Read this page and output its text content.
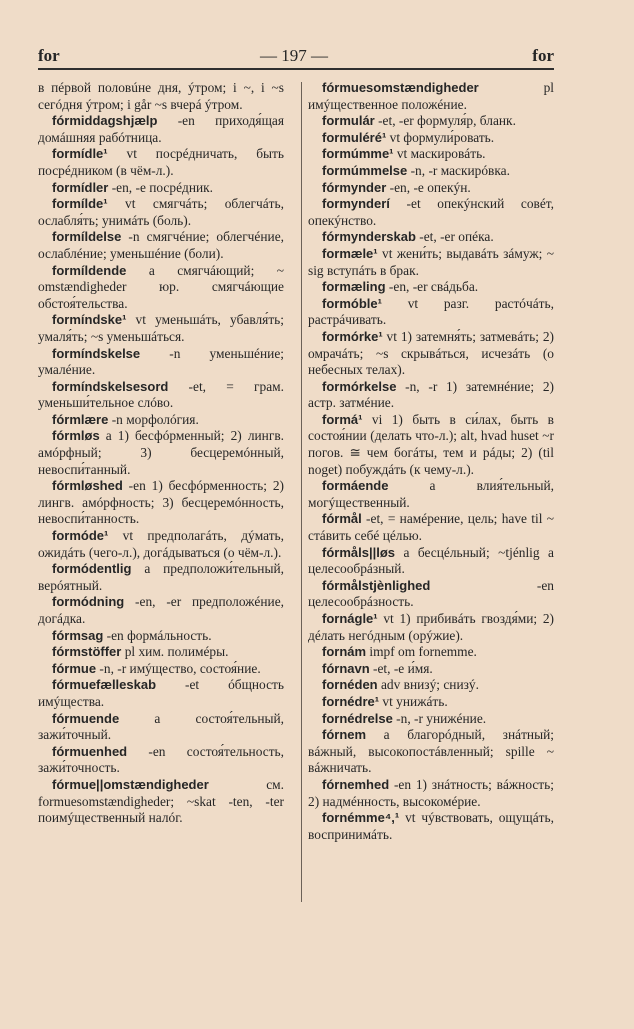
for	— 197 —	for

в пéрвой половúне дня, ýтром; i ~, i ~s сегóдня ýтром; i går ~s вчерá ýтром.

fórmiddagshjælp -en приходя́щая домáшняя рабóтница.

formídle¹ vt посрéдничать, быть посрéдником (в чём-л.).

formídler -en, -e посрéдник.

formílde¹ vt смягчáть; облегчáть, ослабля́ть; унимáть (боль).

formíldelse -n смягчéние; облегчéние, ослаблéние; уменьшéние (боли).

formíldende a смягчáющий; ~ omstændigheder юр. смягчáющие обстоя́тельства.

formíndske¹ vt уменьшáть, убавля́ть; умаля́ть; ~s уменьшáться.

formíndskelse -n уменьшéние; умалéние.

formíndskelsesord -et, = грам. уменьши́тельное слóво.

fórmlære -n морфолóгия.

fórmløs a 1) бесфóрменный; 2) лингв. амóрфный; 3) бесцеремóнный, невоспи́танный.

fórmløshed -en 1) бесфóрменность; 2) лингв. амóрфность; 3) бесцеремóнность, невоспи́танность.

formóde¹ vt предполагáть, дýмать, ожидáть (чего-л.), догáдываться (о чём-л.).

formódentlig a предположи́тельный, верóятный.

formódning -en, -er предположéние, догáдка.

fórmsag -en формáльность.

fórmstöffer pl хим. полимéры.

fórmue -n, -r имýщество, состоя́ние.

fórmuefælleskab -et óбщность имýщества.

fórmuende a состоя́тельный, зажи́точный.

fórmuenhed -en состоя́тельность, зажи́точность.

fórmue||omstændigheder см. formuesomstændigheder; ~skat -ten, -ter поимýщественный налóг.

fórmuesomstændigheder pl имýщественное положéние.

formulár -et, -er формуля́р, бланк.

formuléré¹ vt формули́ровать.

formúmme¹ vt маскировáть.

formúmmelse -n, -r маскирóвка.

fórmynder -en, -e опекýн.

formynderí -et опекýнский совéт, опекýнство.

fórmynderskab -et, -er опéка.

formæle¹ vt жени́ть; выдавáть зáмуж; ~ sig вступáть в брак.

formæling -en, -er свáдьба.

formóble¹ vt разг. растóчáть, растрáчивать.

formórke¹ vt 1) затемня́ть; затмевáть; 2) омрачáть; ~s скрывáться, исчезáть (о небесных телах).

formórkelse -n, -r 1) затемнéние; 2) астр. затмéние.

formá¹ vi 1) быть в си́лах, быть в состоя́нии (делать что-л.); alt, hvad huset ~r погов. ≅ чем богáты, тем и рáды; 2) (til noget) побуждáть (к чему-л.).

formáende a влия́тельный, могýщественный.

fórmål -et, = намéрение, цель; have til ~ стáвить себé цéлью.

fórmåls||løs a бесцéльный; ~tjénlig a целесообрáзный.

fórmålstjènlighed -en целесообрáзность.

fornágle¹ vt 1) прибивáть гвоздя́ми; 2) дéлать негóдным (орýжие).

fornám impf om fornemme.

fórnavn -et, -e и́мя.

fornéden adv внизý; снизý.

fornédre¹ vt унижáть.

fornédrelse -n, -r унижéние.

fórnem a благорóдный, знáтный; вáжный, высокопостáвленный; spille ~ вáжничать.

fórnemhed -en 1) знáтность; вáжность; 2) надмéнность, высокомéрие.

fornémme⁴,¹ vt чýвствовать, ощущáть, воспринимáть.
